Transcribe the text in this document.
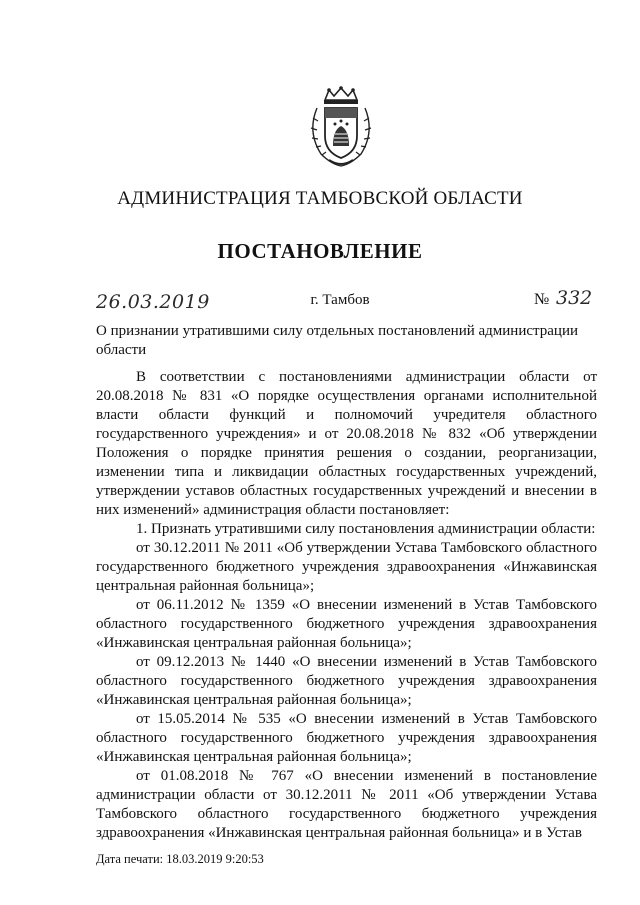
АДМИНИСТРАЦИЯ ТАМБОВСКОЙ ОБЛАСТИ
ПОСТАНОВЛЕНИЕ
26.03.2019	г. Тамбов	№ 332
О признании утратившими силу отдельных постановлений администрации области

В соответствии с постановлениями администрации области от 20.08.2018 № 831 «О порядке осуществления органами исполнительной власти области функций и полномочий учредителя областного государственного учреждения» и от 20.08.2018 № 832 «Об утверждении Положения о порядке принятия решения о создании, реорганизации, изменении типа и ликвидации областных государственных учреждений, утверждении уставов областных государственных учреждений и внесении в них изменений» администрация области постановляет:

1. Признать утратившими силу постановления администрации области:

от 30.12.2011 № 2011 «Об утверждении Устава Тамбовского областного государственного бюджетного учреждения здравоохранения «Инжавинская центральная районная больница»;

от 06.11.2012 № 1359 «О внесении изменений в Устав Тамбовского областного государственного бюджетного учреждения здравоохранения «Инжавинская центральная районная больница»;

от 09.12.2013 № 1440 «О внесении изменений в Устав Тамбовского областного государственного бюджетного учреждения здравоохранения «Инжавинская центральная районная больница»;

от 15.05.2014 № 535 «О внесении изменений в Устав Тамбовского областного государственного бюджетного учреждения здравоохранения «Инжавинская центральная районная больница»;

от 01.08.2018 № 767 «О внесении изменений в постановление администрации области от 30.12.2011 № 2011 «Об утверждении Устава Тамбовского областного государственного бюджетного учреждения здравоохранения «Инжавинская центральная районная больница» и в Устав

Дата печати: 18.03.2019 9:20:53
